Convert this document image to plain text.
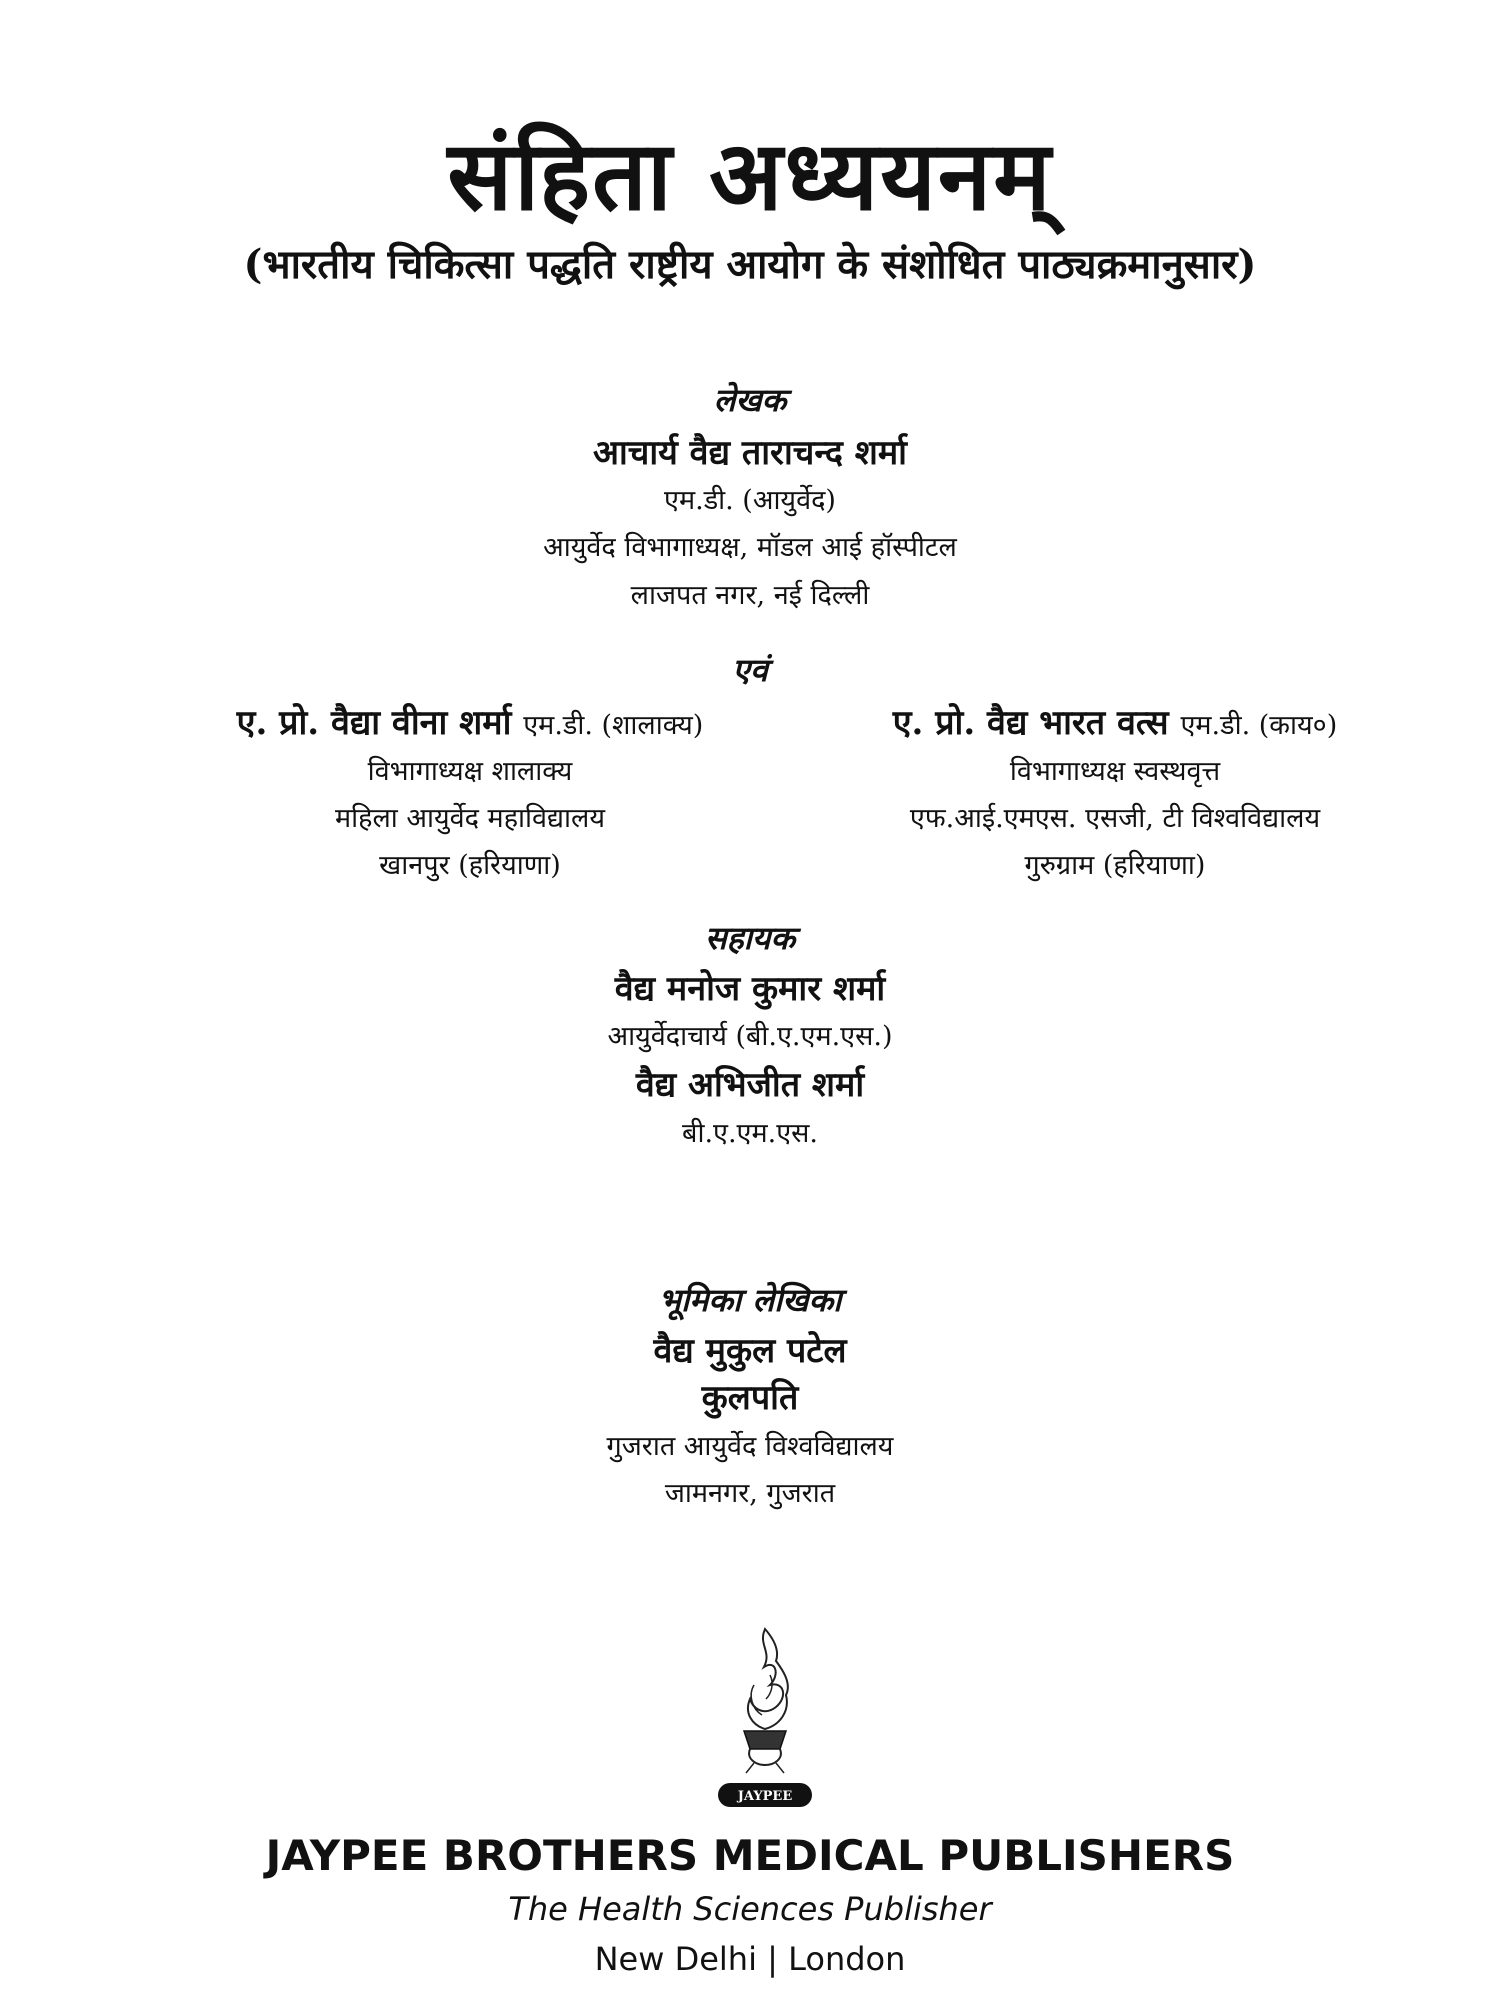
संहिता अध्ययनम्
(भारतीय चिकित्सा पद्धति राष्ट्रीय आयोग के संशोधित पाठ्यक्रमानुसार)
लेखक
आचार्य वैद्य ताराचन्द शर्मा
एम.डी. (आयुर्वेद)
आयुर्वेद विभागाध्यक्ष, मॉडल आई हॉस्पीटल
लाजपत नगर, नई दिल्ली
एवं
ए. प्रो. वैद्या वीना शर्मा एम.डी. (शालाक्य)
विभागाध्यक्ष शालाक्य
महिला आयुर्वेद महाविद्यालय
खानपुर (हरियाणा)
ए. प्रो. वैद्य भारत वत्स एम.डी. (काय०)
विभागाध्यक्ष स्वस्थवृत्त
एफ.आई.एमएस. एसजी, टी विश्वविद्यालय
गुरुग्राम (हरियाणा)
सहायक
वैद्य मनोज कुमार शर्मा
आयुर्वेदाचार्य (बी.ए.एम.एस.)
वैद्य अभिजीत शर्मा
बी.ए.एम.एस.
भूमिका लेखिका
वैद्य मुकुल पटेल
कुलपति
गुजरात आयुर्वेद विश्वविद्यालय
जामनगर, गुजरात
JAYPEE
JAYPEE BROTHERS MEDICAL PUBLISHERS
The Health Sciences Publisher
New Delhi | London
